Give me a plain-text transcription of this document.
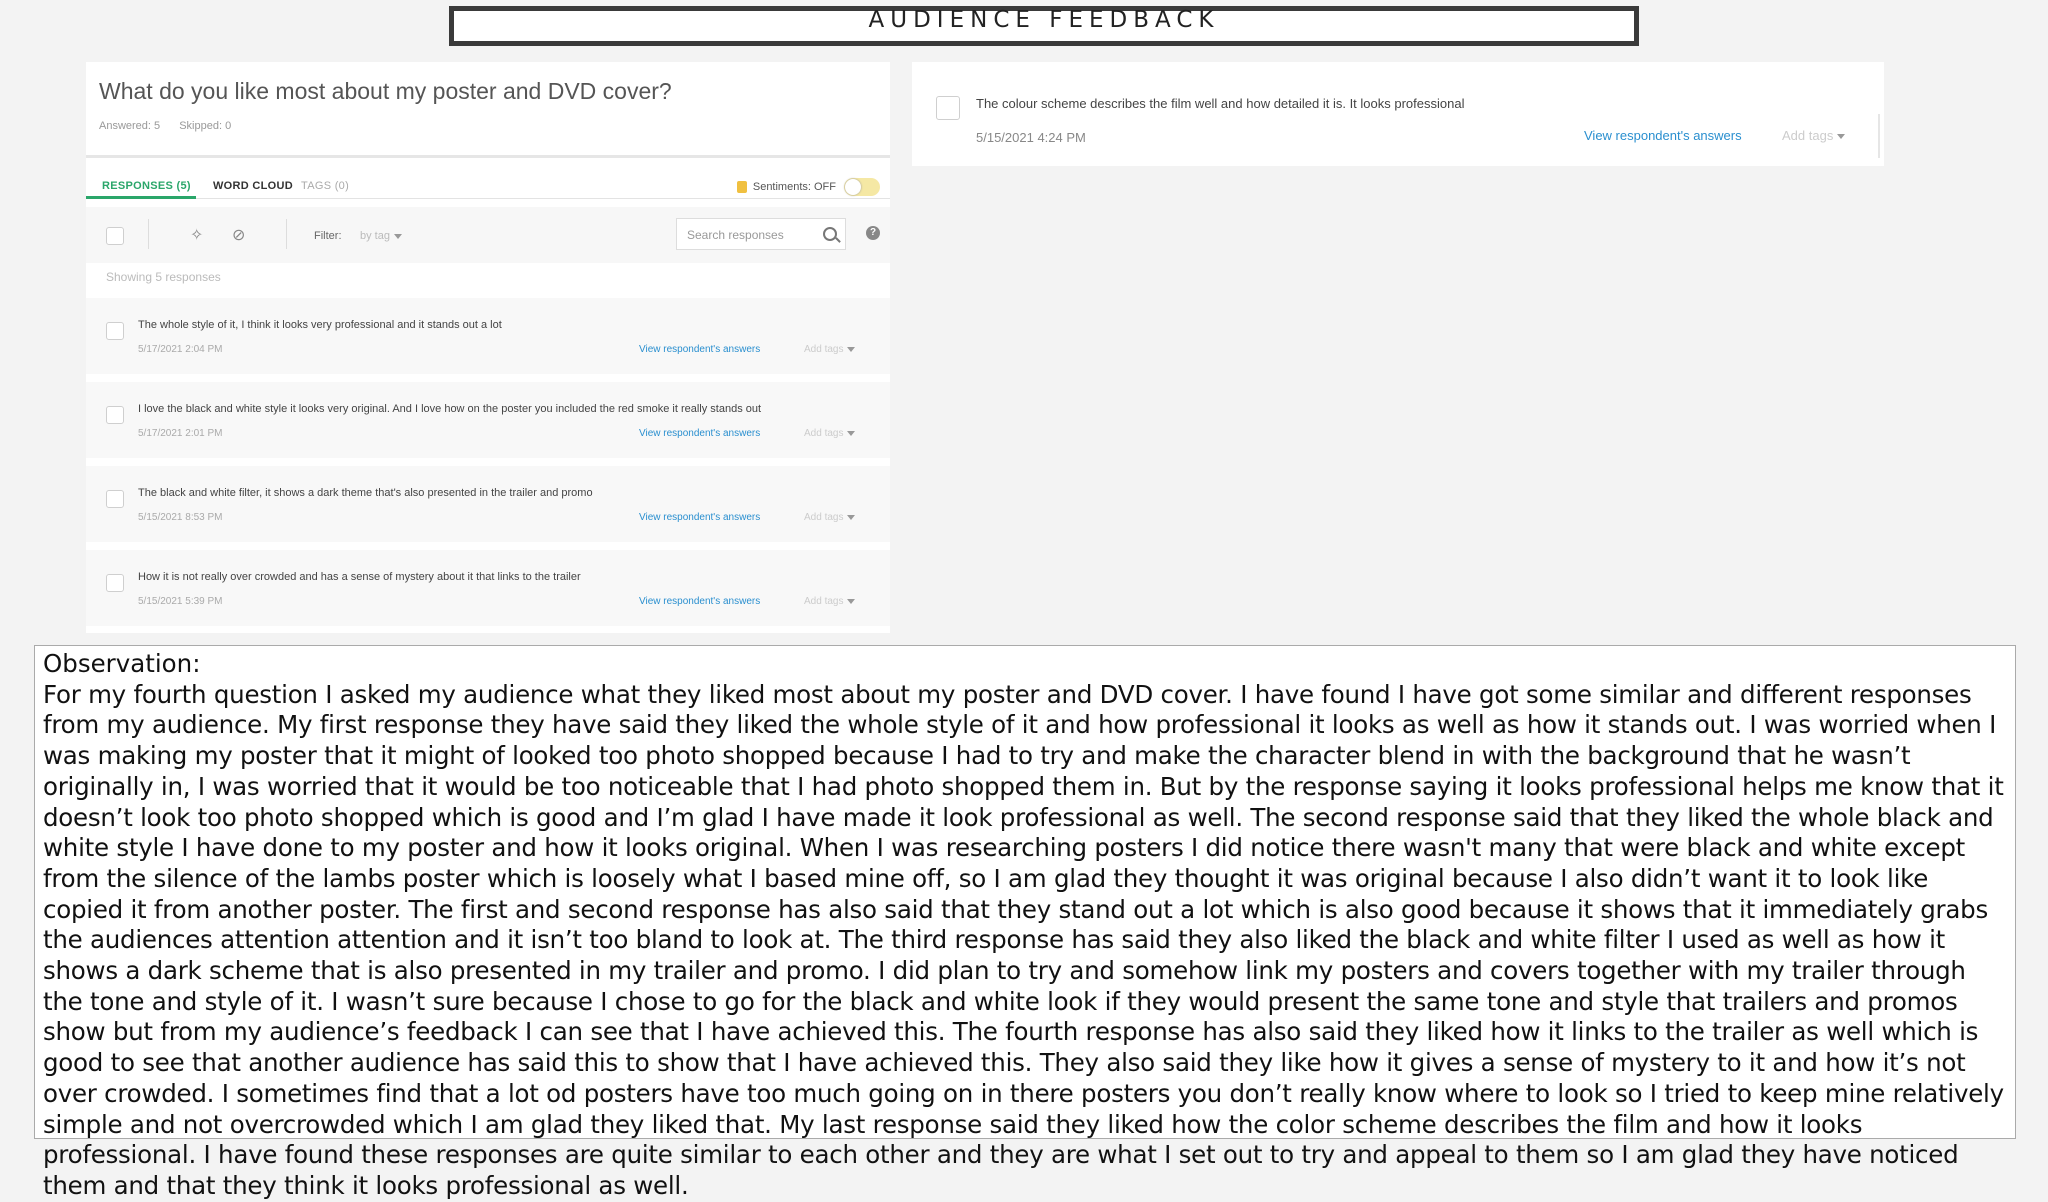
AUDIENCE FEEDBACK
What do you like most about my poster and DVD cover?
Answered: 5 Skipped: 0
RESPONSES (5) WORD CLOUD TAGS (0)	Sentiments: OFF
✧ ⊘	Filter: by tag	Search responses	?
Showing 5 responses
The whole style of it, I think it looks very professional and it stands out a lot
5/17/2021 2:04 PM	View respondent's answers	Add tags
I love the black and white style it looks very original. And I love how on the poster you included the red smoke it really stands out
5/17/2021 2:01 PM	View respondent's answers	Add tags
The black and white filter, it shows a dark theme that's also presented in the trailer and promo
5/15/2021 8:53 PM	View respondent's answers	Add tags
How it is not really over crowded and has a sense of mystery about it that links to the trailer
5/15/2021 5:39 PM	View respondent's answers	Add tags
The colour scheme describes the film well and how detailed it is. It looks professional
5/15/2021 4:24 PM	View respondent's answers	Add tags

Observation:

For my fourth question I asked my audience what they liked most about my poster and DVD cover. I have found I have got some similar and different responses from my audience. My first response they have said they liked the whole style of it and how professional it looks as well as how it stands out. I was worried when I was making my poster that it might of looked too photo shopped because I had to try and make the character blend in with the background that he wasn’t originally in, I was worried that it would be too noticeable that I had photo shopped them in. But by the response saying it looks professional helps me know that it doesn’t look too photo shopped which is good and I’m glad I have made it look professional as well. The second response said that they liked the whole black and white style I have done to my poster and how it looks original. When I was researching posters I did notice there wasn't many that were black and white except from the silence of the lambs poster which is loosely what I based mine off, so I am glad they thought it was original because I also didn’t want it to look like copied it from another poster. The first and second response has also said that they stand out a lot which is also good because it shows that it immediately grabs the audiences attention attention and it isn’t too bland to look at. The third response has said they also liked the black and white filter I used as well as how it shows a dark scheme that is also presented in my trailer and promo. I did plan to try and somehow link my posters and covers together with my trailer through the tone and style of it. I wasn’t sure because I chose to go for the black and white look if they would present the same tone and style that trailers and promos show but from my audience’s feedback I can see that I have achieved this. The fourth response has also said they liked how it links to the trailer as well which is good to see that another audience has said this to show that I have achieved this. They also said they like how it gives a sense of mystery to it and how it’s not over crowded. I sometimes find that a lot od posters have too much going on in there posters you don’t really know where to look so I tried to keep mine relatively simple and not overcrowded which I am glad they liked that. My last response said they liked how the color scheme describes the film and how it looks professional. I have found these responses are quite similar to each other and they are what I set out to try and appeal to them so I am glad they have noticed them and that they think it looks professional as well.
